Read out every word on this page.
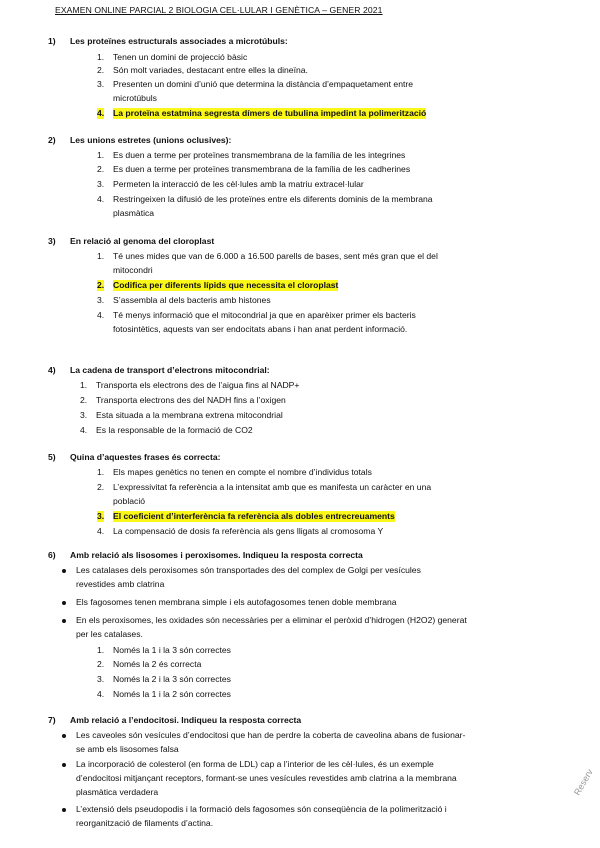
EXAMEN ONLINE PARCIAL 2 BIOLOGIA CEL·LULAR I GENÈTICA – GENER 2021
1) Les proteïnes estructurals associades a microtúbuls:
1. Tenen un domini de projecció bàsic
2. Són molt variades, destacant entre elles la dineïna.
3. Presenten un domini d’unió que determina la distància d’empaquetament entre
microtúbuls
4. La proteïna estatmina segresta dímers de tubulina impedint la polimerització
2) Les unions estretes (unions oclusives):
1. Es duen a terme per proteïnes transmembrana de la família de les integrines
2. Es duen a terme per proteïnes transmembrana de la família de les cadherines
3. Permeten la interacció de les cèl·lules amb la matriu extracel·lular
4. Restringeixen la difusió de les proteïnes entre els diferents dominis de la membrana
plasmàtica
3) En relació al genoma del cloroplast
1. Té unes mides que van de 6.000 a 16.500 parells de bases, sent més gran que el del
mitocondri
2. Codifica per diferents lípids que necessita el cloroplast
3. S’assembla al dels bacteris amb histones
4. Té menys informació que el mitocondrial ja que en aparèixer primer els bacteris
fotosintètics, aquests van ser endocitats abans i han anat perdent informació.
4) La cadena de transport d’electrons mitocondrial:
1. Transporta els electrons des de l’aigua fins al NADP+
2. Transporta electrons des del NADH fins a l’oxigen
3. Esta situada a la membrana extrena mitocondrial
4. Es la responsable de la formació de CO2
5) Quina d’aquestes frases és correcta:
1. Els mapes genètics no tenen en compte el nombre d’individus totals
2. L’expressivitat fa referència a la intensitat amb que es manifesta un caràcter en una
població
3. El coeficient d’interferència fa referència als dobles entrecreuaments
4. La compensació de dosis fa referència als gens lligats al cromosoma Y
6) Amb relació als lisosomes i peroxisomes. Indiqueu la resposta correcta
Les catalases dels peroxisomes són transportades des del complex de Golgi per vesícules
revestides amb clatrina
Els fagosomes tenen membrana simple i els autofagosomes tenen doble membrana
En els peroxisomes, les oxidades són necessàries per a eliminar el peròxid d’hidrogen (H2O2) generat
per les catalases.
1. Només la 1 i la 3 són correctes
2. Només la 2 és correcta
3. Només la 2 i la 3 són correctes
4. Només la 1 i la 2 són correctes
7) Amb relació a l’endocitosi. Indiqueu la resposta correcta
Les caveoles són vesícules d’endocitosi que han de perdre la coberta de caveolina abans de fusionar-
se amb els lisosomes falsa
La incorporació de colesterol (en forma de LDL) cap a l’interior de les cèl·lules, és un exemple
d’endocitosi mitjançant receptors, formant-se unes vesícules revestides amb clatrina a la membrana
plasmàtica verdadera
L’extensió dels pseudopodis i la formació dels fagosomes són conseqüència de la polimerització i
reorganització de filaments d’actina.
Reserv
